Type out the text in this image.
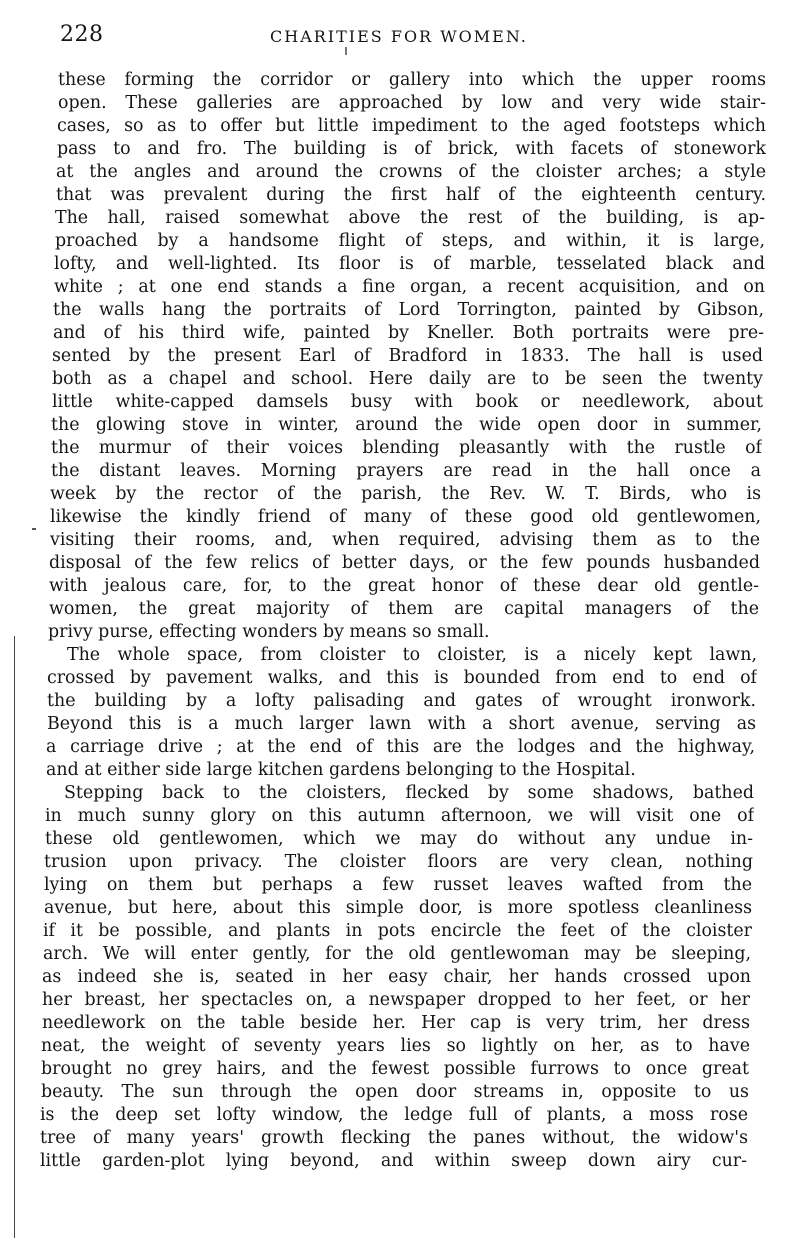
228	CHARITIES FOR WOMEN.
these forming the corridor or gallery into which the upper rooms
open. These galleries are approached by low and very wide stair-
cases, so as to offer but little impediment to the aged footsteps which
pass to and fro. The building is of brick, with facets of stonework
at the angles and around the crowns of the cloister arches; a style
that was prevalent during the first half of the eighteenth century.
The hall, raised somewhat above the rest of the building, is ap-
proached by a handsome flight of steps, and within, it is large,
lofty, and well-lighted. Its floor is of marble, tesselated black and
white ; at one end stands a fine organ, a recent acquisition, and on
the walls hang the portraits of Lord Torrington, painted by Gibson,
and of his third wife, painted by Kneller. Both portraits were pre-
sented by the present Earl of Bradford in 1833. The hall is used
both as a chapel and school. Here daily are to be seen the twenty
little white-capped damsels busy with book or needlework, about
the glowing stove in winter, around the wide open door in summer,
the murmur of their voices blending pleasantly with the rustle of
the distant leaves. Morning prayers are read in the hall once a
week by the rector of the parish, the Rev. W. T. Birds, who is
likewise the kindly friend of many of these good old gentlewomen,
visiting their rooms, and, when required, advising them as to the
disposal of the few relics of better days, or the few pounds husbanded
with jealous care, for, to the great honor of these dear old gentle-
women, the great majority of them are capital managers of the
privy purse, effecting wonders by means so small.
The whole space, from cloister to cloister, is a nicely kept lawn,
crossed by pavement walks, and this is bounded from end to end of
the building by a lofty palisading and gates of wrought ironwork.
Beyond this is a much larger lawn with a short avenue, serving as
a carriage drive ; at the end of this are the lodges and the highway,
and at either side large kitchen gardens belonging to the Hospital.
Stepping back to the cloisters, flecked by some shadows, bathed
in much sunny glory on this autumn afternoon, we will visit one of
these old gentlewomen, which we may do without any undue in-
trusion upon privacy. The cloister floors are very clean, nothing
lying on them but perhaps a few russet leaves wafted from the
avenue, but here, about this simple door, is more spotless cleanliness
if it be possible, and plants in pots encircle the feet of the cloister
arch. We will enter gently, for the old gentlewoman may be sleeping,
as indeed she is, seated in her easy chair, her hands crossed upon
her breast, her spectacles on, a newspaper dropped to her feet, or her
needlework on the table beside her. Her cap is very trim, her dress
neat, the weight of seventy years lies so lightly on her, as to have
brought no grey hairs, and the fewest possible furrows to once great
beauty. The sun through the open door streams in, opposite to us
is the deep set lofty window, the ledge full of plants, a moss rose
tree of many years' growth flecking the panes without, the widow's
little garden-plot lying beyond, and within sweep down airy cur-
